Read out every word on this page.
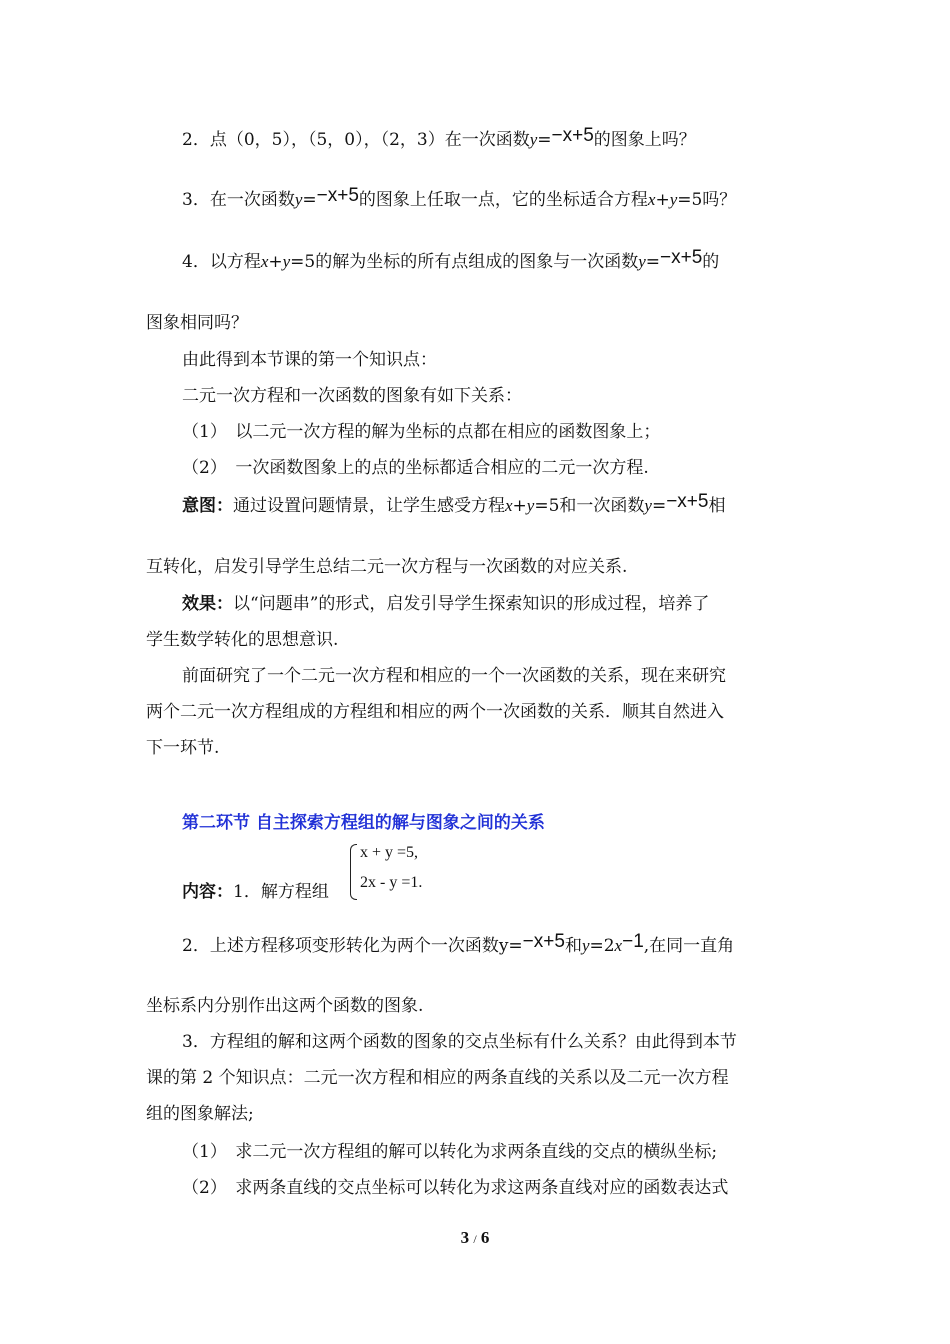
2．点（0，5），（5，0），（2，3）在一次函数y=−x+5的图象上吗？
3．在一次函数y=−x+5的图象上任取一点，它的坐标适合方程x+y=5吗？
4．以方程x+y=5的解为坐标的所有点组成的图象与一次函数y=−x+5的
图象相同吗？
由此得到本节课的第一个知识点：
二元一次方程和一次函数的图象有如下关系：
（1）　以二元一次方程的解为坐标的点都在相应的函数图象上；
（2）　一次函数图象上的点的坐标都适合相应的二元一次方程.
意图：通过设置问题情景，让学生感受方程x+y=5和一次函数y=−x+5相
互转化，启发引导学生总结二元一次方程与一次函数的对应关系.
效果：以“问题串”的形式，启发引导学生探索知识的形成过程，培养了
学生数学转化的思想意识.
前面研究了一个二元一次方程和相应的一个一次函数的关系，现在来研究
两个二元一次方程组成的方程组和相应的两个一次函数的关系．顺其自然进入
下一环节.
第二环节 自主探索方程组的解与图象之间的关系
内容：1．解方程组
x + y =5,
2x - y =1.
2．上述方程移项变形转化为两个一次函数y=−x+5和y=2x−1,在同一直角
坐标系内分别作出这两个函数的图象.
3．方程组的解和这两个函数的图象的交点坐标有什么关系？由此得到本节
课的第 2 个知识点：二元一次方程和相应的两条直线的关系以及二元一次方程
组的图象解法;
（1）　求二元一次方程组的解可以转化为求两条直线的交点的横纵坐标;
（2）　求两条直线的交点坐标可以转化为求这两条直线对应的函数表达式
3 / 6
